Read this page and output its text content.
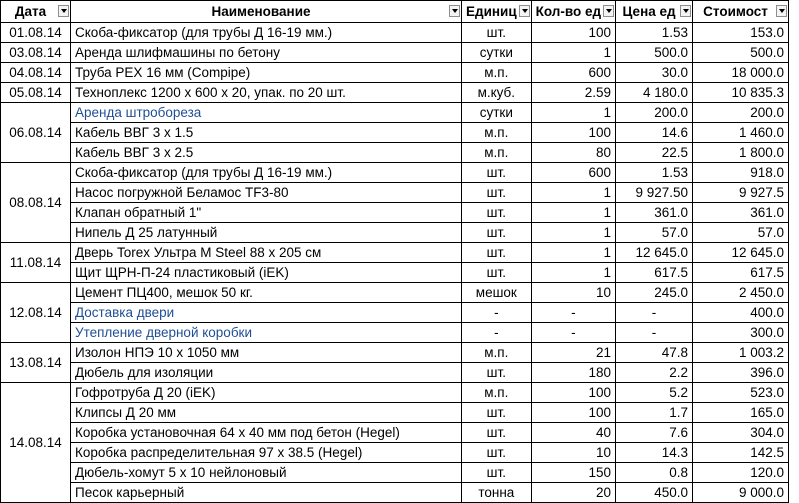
Дата	Наименование	Единиц	Кол-во ед	Цена ед	Стоимост

01.08.14	Скоба-фиксатор (для трубы Д 16-19 мм.)	шт.	100	1.53	153.0
03.08.14	Аренда шлифмашины по бетону	сутки	1	500.0	500.0
04.08.14	Труба PEX 16 мм (Compipe)	м.п.	600	30.0	18 000.0
05.08.14	Техноплекс 1200 х 600 х 20, упак. по 20 шт.	м.куб.	2.59	4 180.0	10 835.3
06.08.14	Аренда штробореза	сутки	1	200.0	200.0
	Кабель ВВГ 3 х 1.5	м.п.	100	14.6	1 460.0
	Кабель ВВГ 3 х 2.5	м.п.	80	22.5	1 800.0
08.08.14	Скоба-фиксатор (для трубы Д 16-19 мм.)	шт.	600	1.53	918.0
	Насос погружной Беламос TF3-80	шт.	1	9 927.50	9 927.5
	Клапан обратный 1"	шт.	1	361.0	361.0
	Нипель Д 25 латунный	шт.	1	57.0	57.0
11.08.14	Дверь Torex Ультра М Steel 88 х 205 см	шт.	1	12 645.0	12 645.0
	Щит ЩРН-П-24 пластиковый (iEK)	шт.	1	617.5	617.5
12.08.14	Цемент ПЦ400, мешок 50 кг.	мешок	10	245.0	2 450.0
	Доставка двери	-	-	-	400.0
	Утепление дверной коробки	-	-	-	300.0
13.08.14	Изолон НПЭ 10 х 1050 мм	м.п.	21	47.8	1 003.2
	Дюбель для изоляции	шт.	180	2.2	396.0
14.08.14	Гофротруба Д 20 (iEK)	м.п.	100	5.2	523.0
	Клипсы Д 20 мм	шт.	100	1.7	165.0
	Коробка установочная 64 х 40 мм под бетон (Hegel)	шт.	40	7.6	304.0
	Коробка распределительная 97 х 38.5 (Hegel)	шт.	10	14.3	142.5
	Дюбель-хомут 5 х 10 нейлоновый	шт.	150	0.8	120.0
	Песок карьерный	тонна	20	450.0	9 000.0
